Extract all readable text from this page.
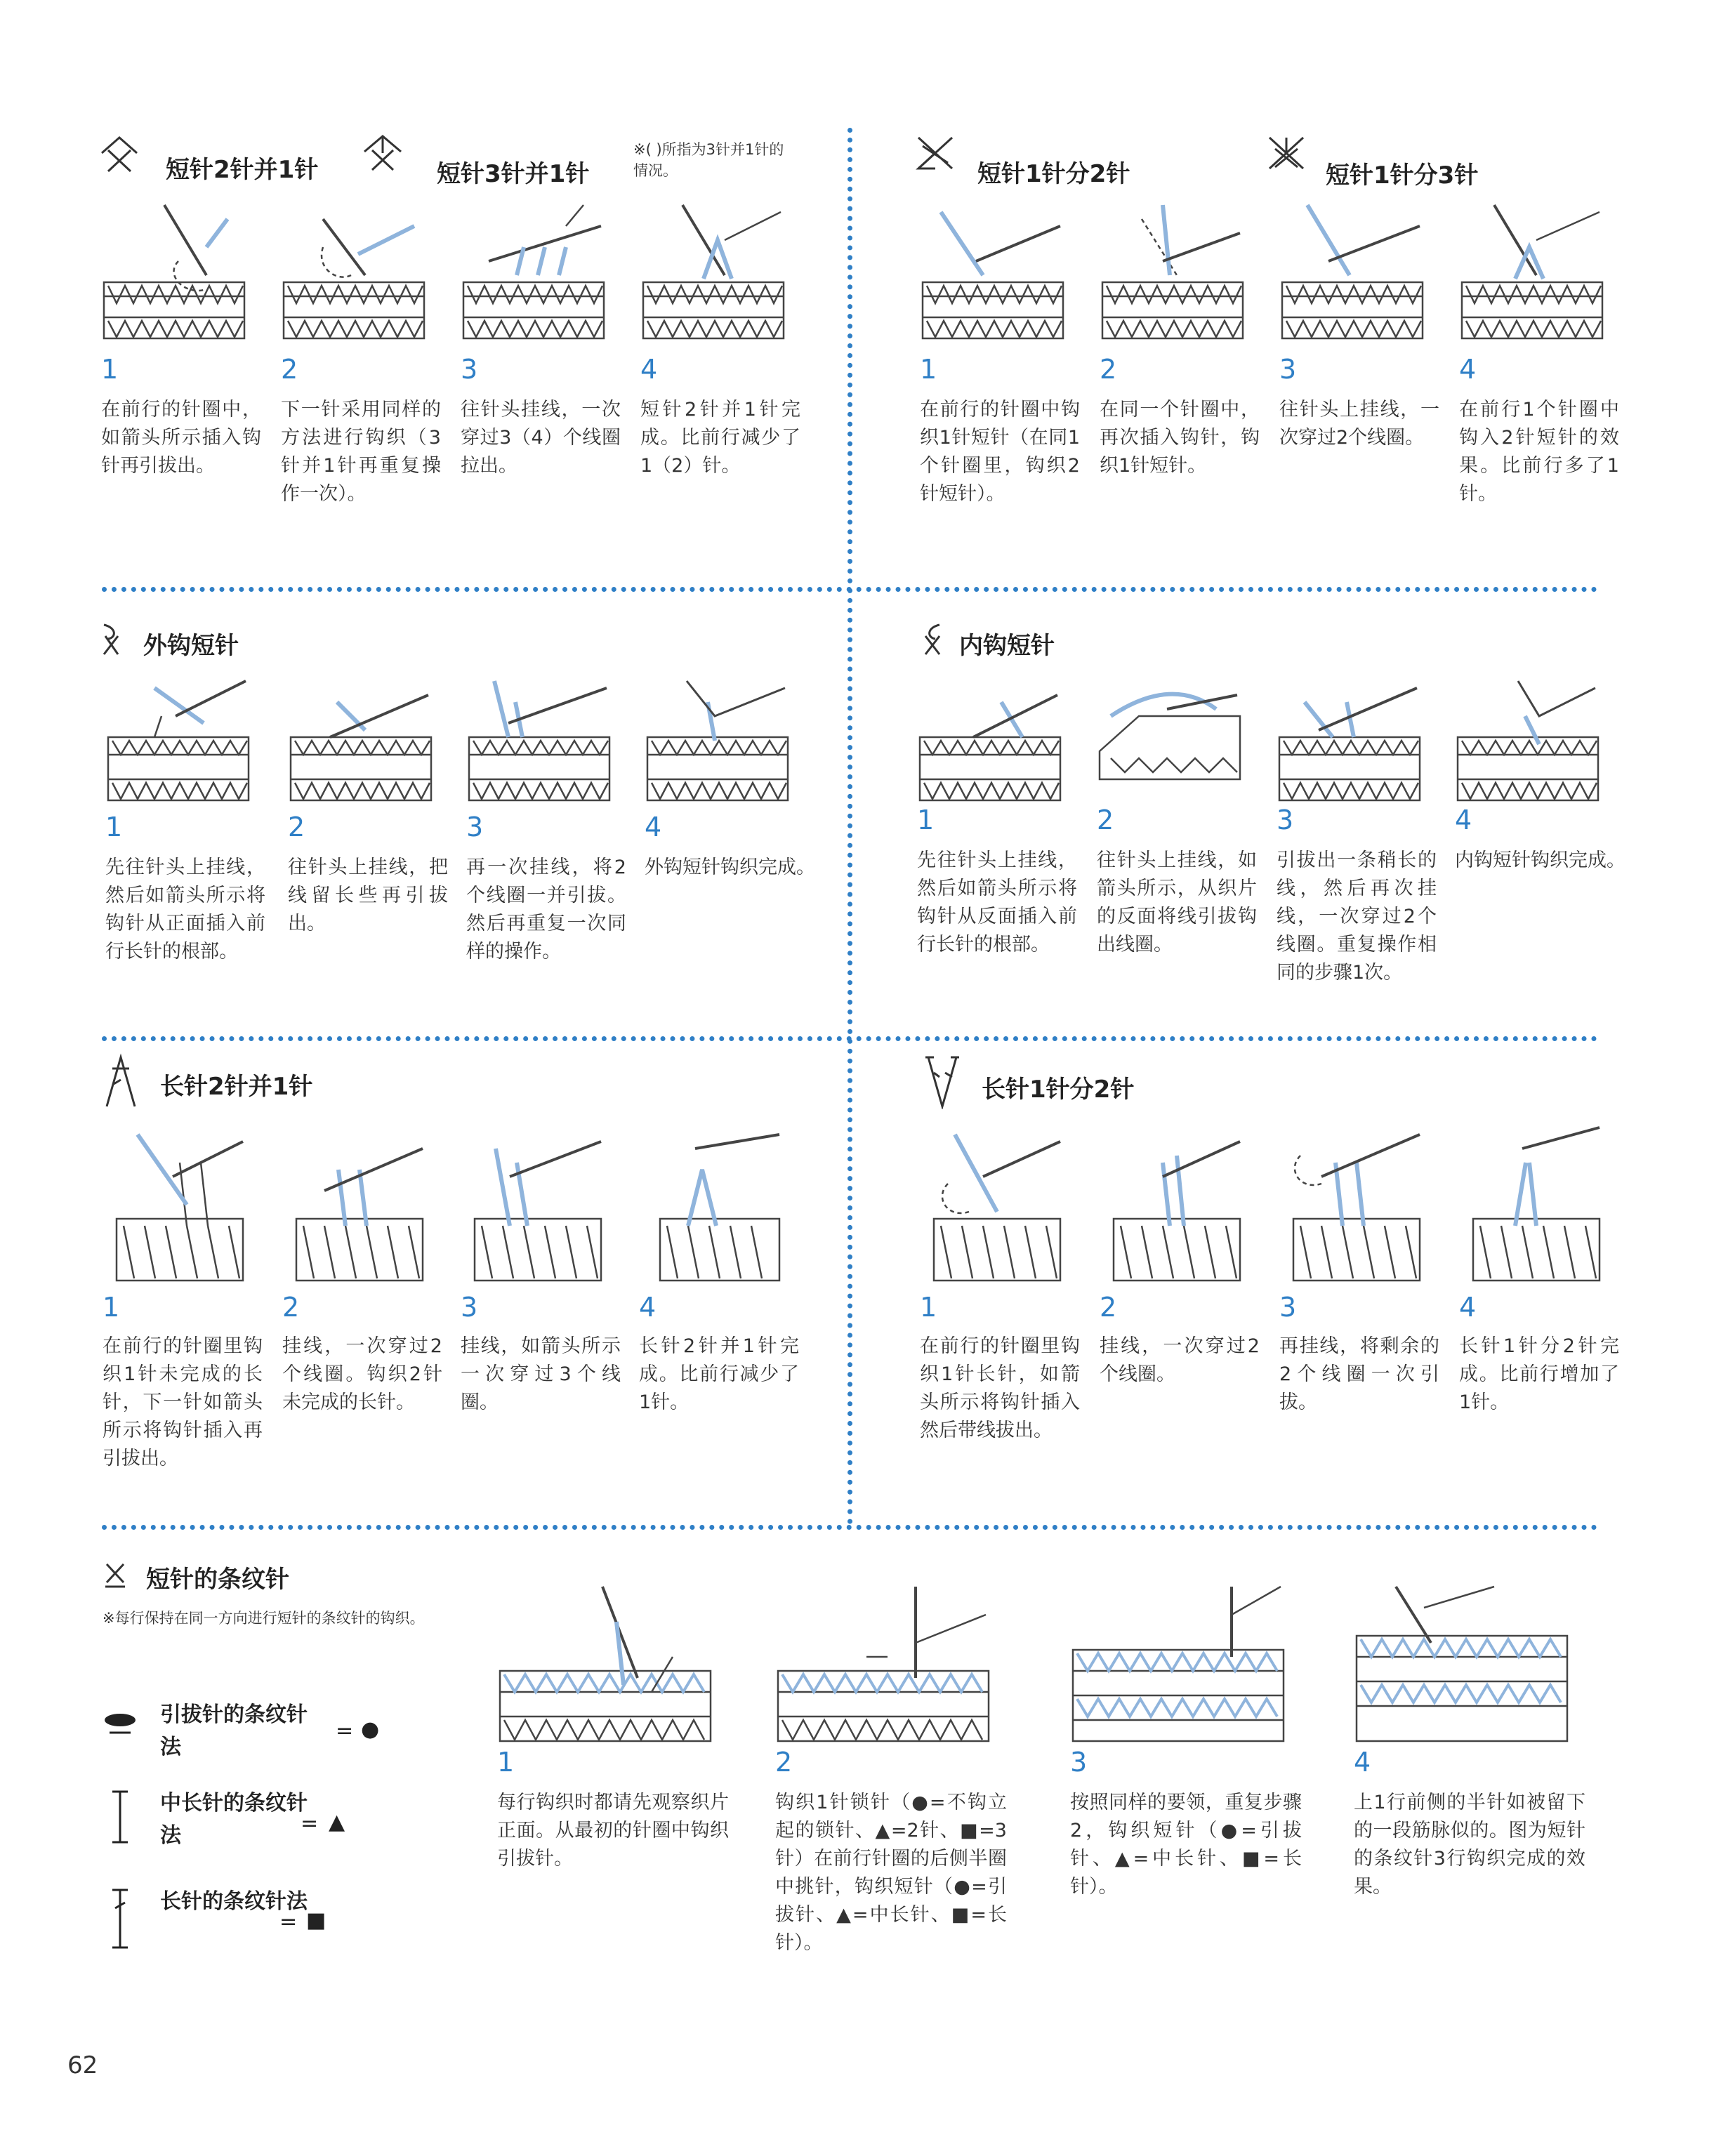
短针2针并1针	短针3针并1针
※( )所指为3针并1针的情况。	短针1针分2针	短针1针分3针
外钩短针	内钩短针
长针2针并1针	长针1针分2针
短针的条纹针
※每行保持在同一方向进行短针的条纹针的钩织。
1
在前行的针圈中，如箭头所示插入钩针再引拔出。
2
下一针采用同样的方法进行钩织（3针并1针再重复操作一次）。
3
往针头挂线，一次穿过3（4）个线圈拉出。
4
短针2针并1针完成。比前行减少了1（2）针。
1
在前行的针圈中钩织1针短针（在同1个针圈里，钩织2针短针）。
2
在同一个针圈中，再次插入钩针，钩织1针短针。
3
往针头上挂线，一次穿过2个线圈。
4
在前行1个针圈中钩入2针短针的效果。比前行多了1针。
1
先往针头上挂线，然后如箭头所示将钩针从正面插入前行长针的根部。
2
往针头上挂线，把线留长些再引拔出。
3
再一次挂线，将2个线圈一并引拔。然后再重复一次同样的操作。
4
外钩短针钩织完成。
1
先往针头上挂线，然后如箭头所示将钩针从反面插入前行长针的根部。
2
往针头上挂线，如箭头所示，从织片的反面将线引拔钩出线圈。
3
引拔出一条稍长的线，然后再次挂线，一次穿过2个线圈。重复操作相同的步骤1次。
4
内钩短针钩织完成。
1
在前行的针圈里钩织1针未完成的长针，下一针如箭头所示将钩针插入再引拔出。
2
挂线，一次穿过2个线圈。钩织2针未完成的长针。
3
挂线，如箭头所示一次穿过3个线圈。
4
长针2针并1针完成。比前行减少了1针。
1
在前行的针圈里钩织1针长针，如箭头所示将钩针插入然后带线拔出。
2
挂线，一次穿过2个线圈。
3
再挂线，将剩余的2个线圈一次引拔。
4
长针1针分2针完成。比前行增加了1针。
1
每行钩织时都请先观察织片正面。从最初的针圈中钩织引拔针。
2
钩织1针锁针（●=不钩立起的锁针、▲=2针、■=3针）在前行针圈的后侧半圈中挑针，钩织短针（●=引拔针、▲=中长针、■=长针）。
3
按照同样的要领，重复步骤2，钩织短针（●=引拔针、▲=中长针、■=长针）。
4
上1行前侧的半针如被留下的一段筋脉似的。图为短针的条纹针3行钩织完成的效果。
引拔针的条纹针法
= ●
中长针的条纹针法	= ▲
长针的条纹针法
= ■
62
